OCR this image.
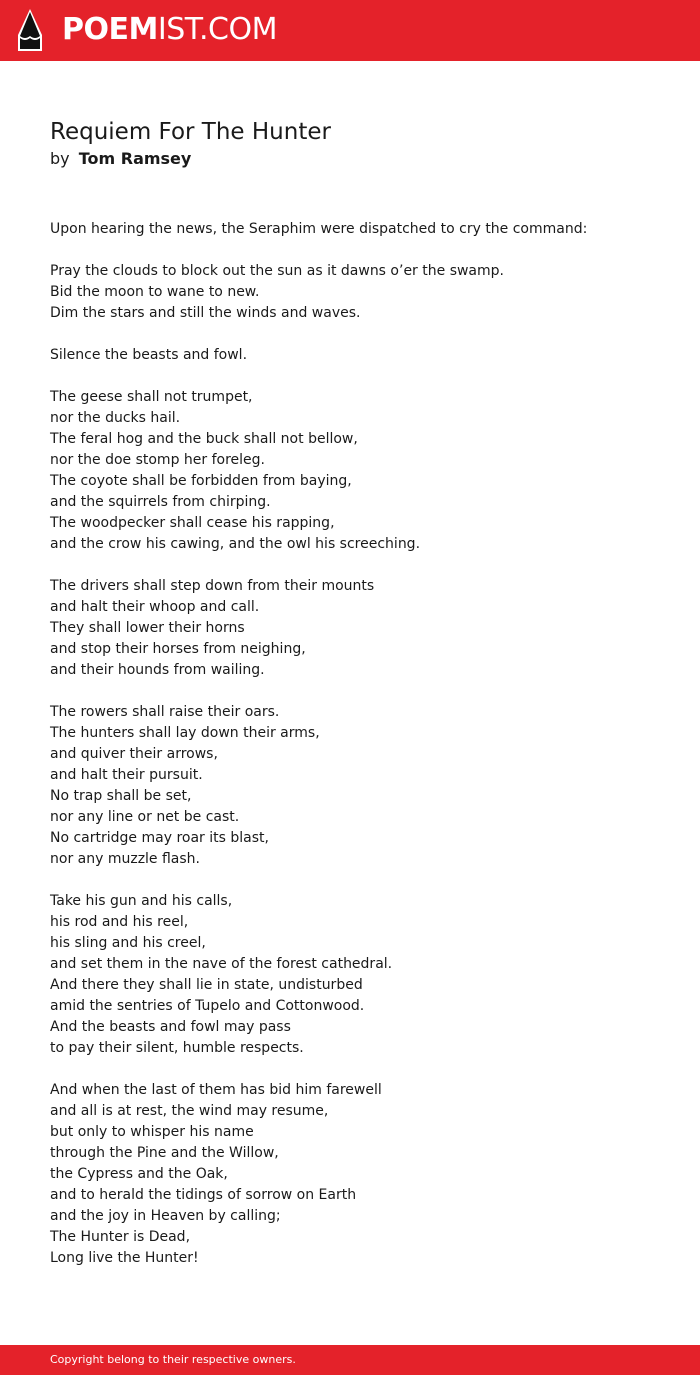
POEMIST.COM
Requiem For The Hunter
by Tom Ramsey

Upon hearing the news, the Seraphim were dispatched to cry the command:

Pray the clouds to block out the sun as it dawns o’er the swamp.
Bid the moon to wane to new.
Dim the stars and still the winds and waves.

Silence the beasts and fowl.

The geese shall not trumpet,
nor the ducks hail.
The feral hog and the buck shall not bellow,
nor the doe stomp her foreleg.
The coyote shall be forbidden from baying,
and the squirrels from chirping.
The woodpecker shall cease his rapping,
and the crow his cawing, and the owl his screeching.

The drivers shall step down from their mounts
and halt their whoop and call.
They shall lower their horns
and stop their horses from neighing,
and their hounds from wailing.

The rowers shall raise their oars.
The hunters shall lay down their arms,
and quiver their arrows,
and halt their pursuit.
No trap shall be set,
nor any line or net be cast.
No cartridge may roar its blast,
nor any muzzle flash.

Take his gun and his calls,
his rod and his reel,
his sling and his creel,
and set them in the nave of the forest cathedral.
And there they shall lie in state, undisturbed
amid the sentries of Tupelo and Cottonwood.
And the beasts and fowl may pass
to pay their silent, humble respects.

And when the last of them has bid him farewell
and all is at rest, the wind may resume,
but only to whisper his name
through the Pine and the Willow,
the Cypress and the Oak,
and to herald the tidings of sorrow on Earth
and the joy in Heaven by calling;
The Hunter is Dead,
Long live the Hunter!

Copyright belong to their respective owners.
